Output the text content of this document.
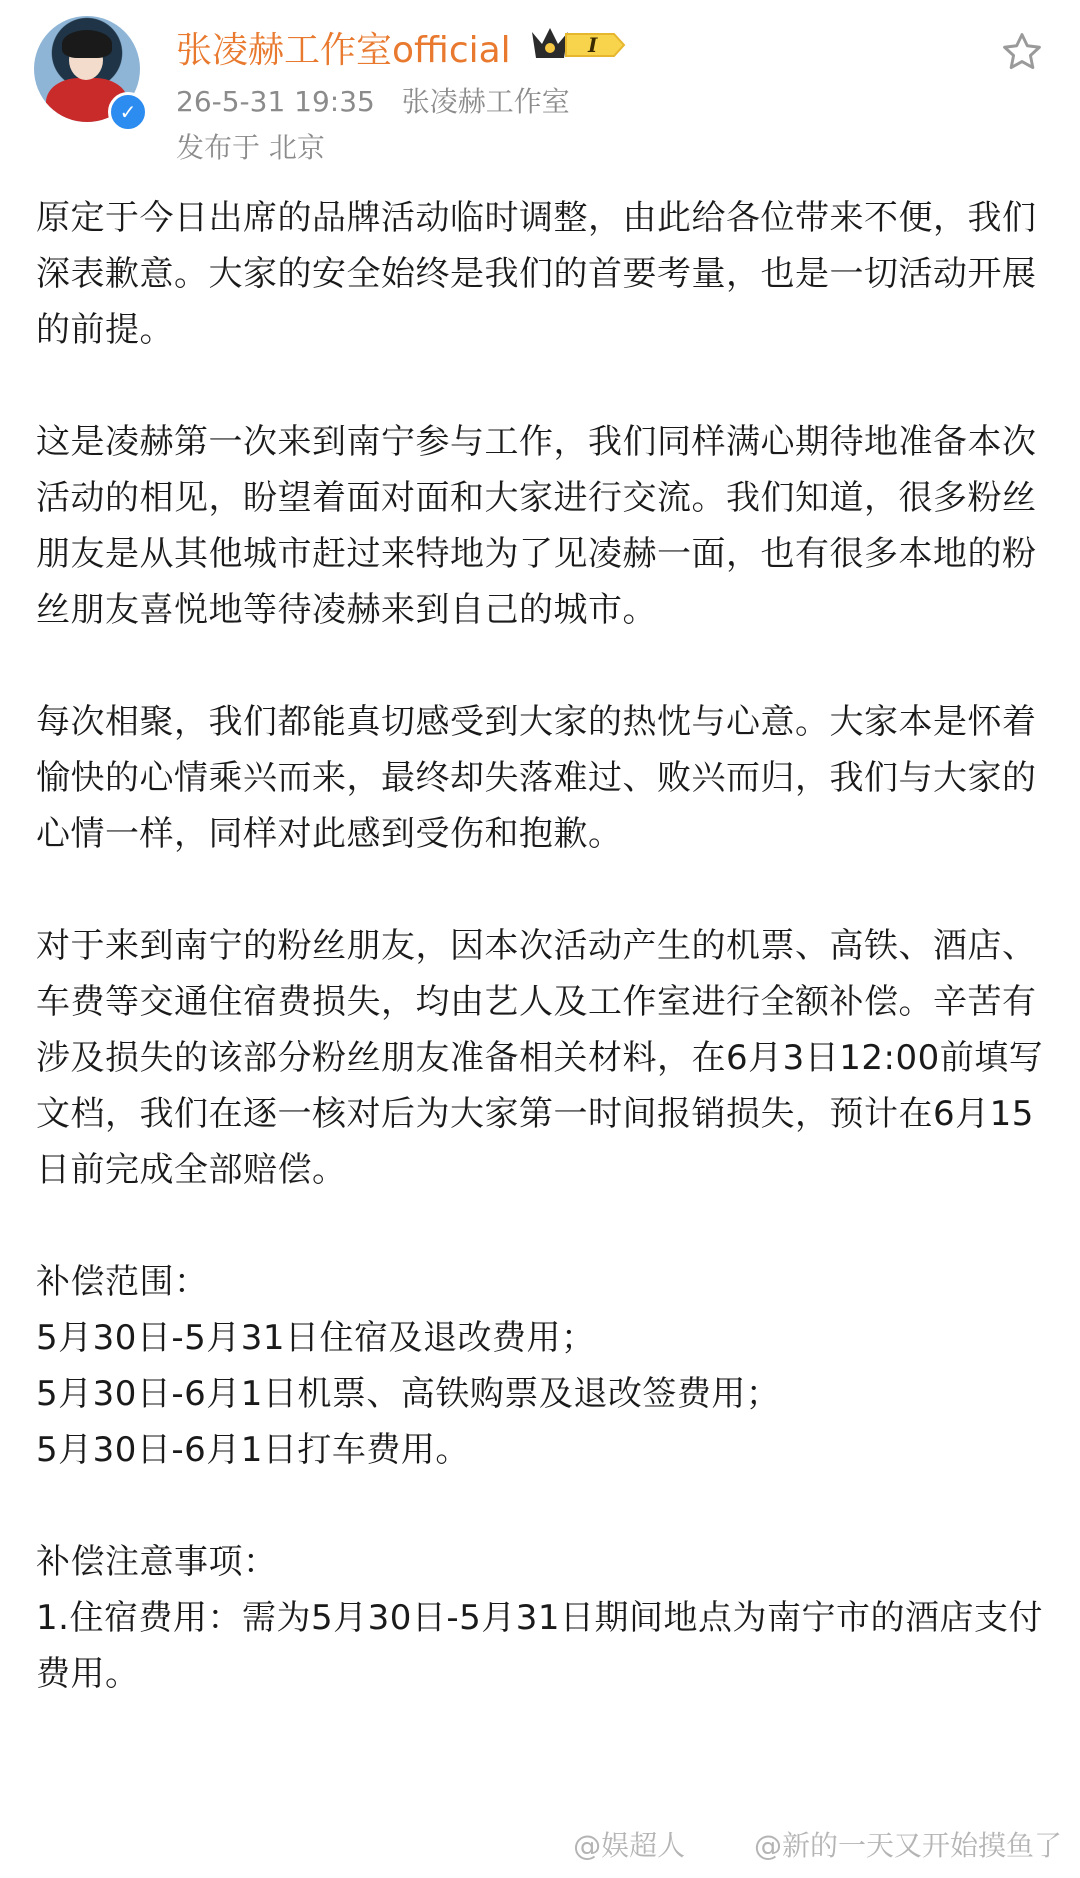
✓
张凌赫工作室official	I
26-5-31 19:35 张凌赫工作室
发布于 北京

原定于今日出席的品牌活动临时调整，由此给各位带来不便，我们深表歉意。大家的安全始终是我们的首要考量，也是一切活动开展的前提。

这是凌赫第一次来到南宁参与工作，我们同样满心期待地准备本次活动的相见，盼望着面对面和大家进行交流。我们知道，很多粉丝朋友是从其他城市赶过来特地为了见凌赫一面，也有很多本地的粉丝朋友喜悦地等待凌赫来到自己的城市。

每次相聚，我们都能真切感受到大家的热忱与心意。大家本是怀着愉快的心情乘兴而来，最终却失落难过、败兴而归，我们与大家的心情一样，同样对此感到受伤和抱歉。

对于来到南宁的粉丝朋友，因本次活动产生的机票、高铁、酒店、车费等交通住宿费损失，均由艺人及工作室进行全额补偿。辛苦有涉及损失的该部分粉丝朋友准备相关材料，在6月3日12:00前填写文档，我们在逐一核对后为大家第一时间报销损失，预计在6月15日前完成全部赔偿。

补偿范围：

5月30日-5月31日住宿及退改费用；

5月30日-6月1日机票、高铁购票及退改签费用；

5月30日-6月1日打车费用。

补偿注意事项：

1.住宿费用：需为5月30日-5月31日期间地点为南宁市的酒店支付费用。

@娱超人 @新的一天又开始摸鱼了
